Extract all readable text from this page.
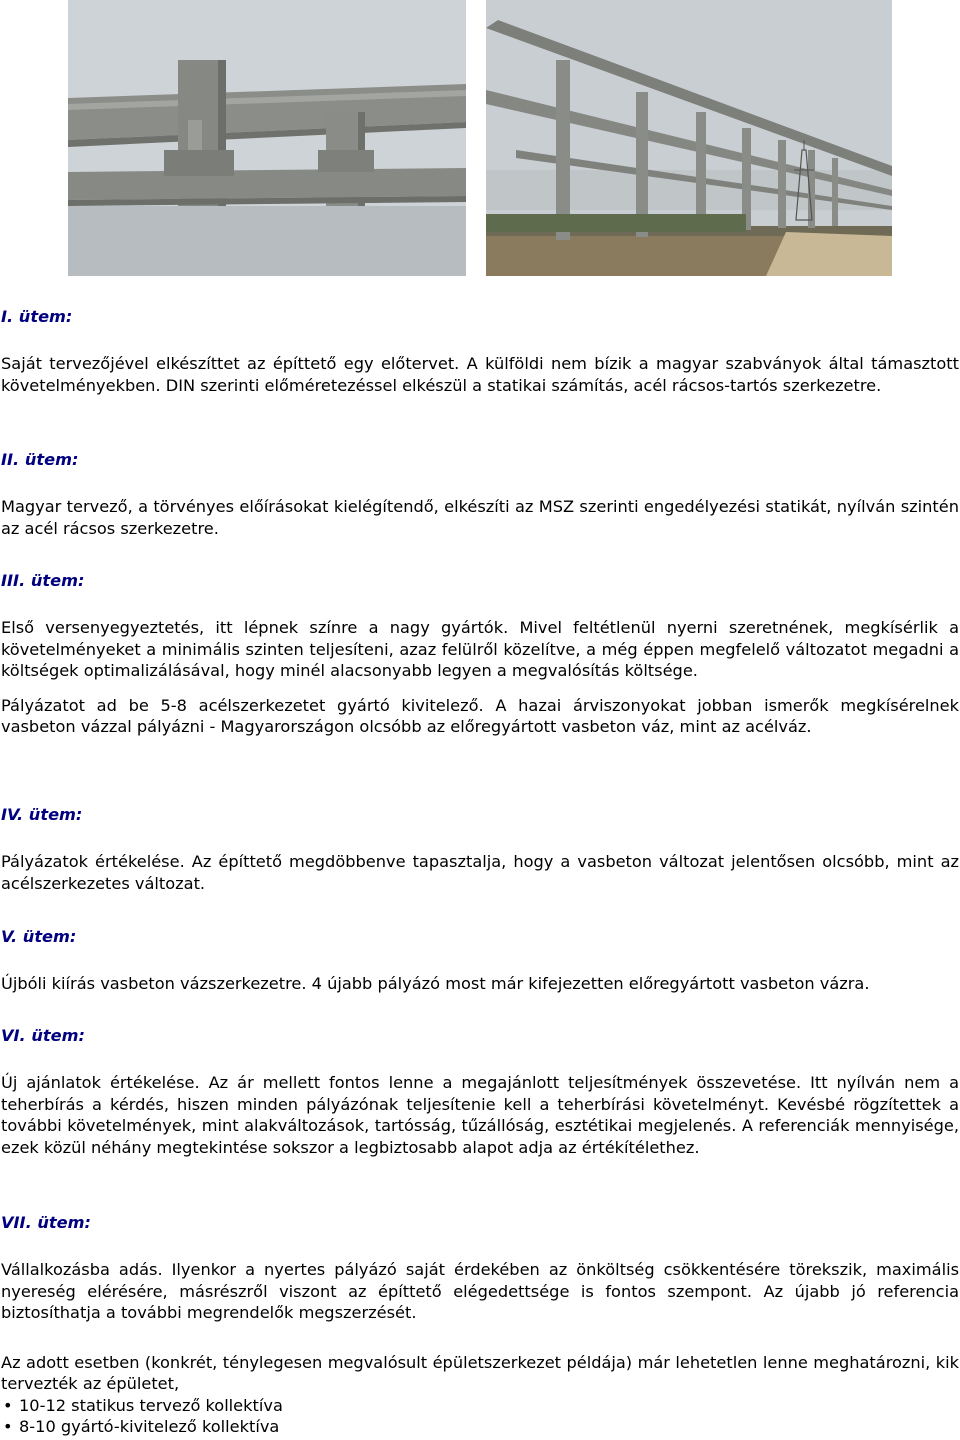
I. ütem:

Saját tervezőjével elkészíttet az építtető egy előtervet. A külföldi nem bízik a magyar szabványok által támasztott követelményekben. DIN szerinti előméretezéssel elkészül a statikai számítás, acél rácsos-tartós szerkezetre.

II. ütem:

Magyar tervező, a törvényes előírásokat kielégítendő, elkészíti az MSZ szerinti engedélyezési statikát, nyílván szintén az acél rácsos szerkezetre.

III. ütem:

Első versenyegyeztetés, itt lépnek színre a nagy gyártók. Mivel feltétlenül nyerni szeretnének, megkísérlik a követelményeket a minimális szinten teljesíteni, azaz felülről közelítve, a még éppen megfelelő változatot megadni a költségek optimalizálásával, hogy minél alacsonyabb legyen a megvalósítás költsége.

Pályázatot ad be 5-8 acélszerkezetet gyártó kivitelező. A hazai árviszonyokat jobban ismerők megkísérelnek vasbeton vázzal pályázni - Magyarországon olcsóbb az előregyártott vasbeton váz, mint az acélváz.

IV. ütem:

Pályázatok értékelése. Az építtető megdöbbenve tapasztalja, hogy a vasbeton változat jelentősen olcsóbb, mint az acélszerkezetes változat.

V. ütem:

Újbóli kiírás vasbeton vázszerkezetre. 4 újabb pályázó most már kifejezetten előregyártott vasbeton vázra.

VI. ütem:

Új ajánlatok értékelése. Az ár mellett fontos lenne a megajánlott teljesítmények összevetése. Itt nyílván nem a teherbírás a kérdés, hiszen minden pályázónak teljesítenie kell a teherbírási követelményt. Kevésbé rögzítettek a további követelmények, mint alakváltozások, tartósság, tűzállóság, esztétikai megjelenés. A referenciák mennyisége, ezek közül néhány megtekintése sokszor a legbiztosabb alapot adja az értékítélethez.

VII. ütem:

Vállalkozásba adás. Ilyenkor a nyertes pályázó saját érdekében az önköltség csökkentésére törekszik, maximális nyereség elérésére, másrészről viszont az építtető elégedettsége is fontos szempont. Az újabb jó referencia biztosíthatja a további megrendelők megszerzését.

Az adott esetben (konkrét, ténylegesen megvalósult épületszerkezet példája) már lehetetlen lenne meghatározni, kik tervezték az épületet,

• 10-12 statikus tervező kollektíva
• 8-10 gyártó-kivitelező kollektíva
